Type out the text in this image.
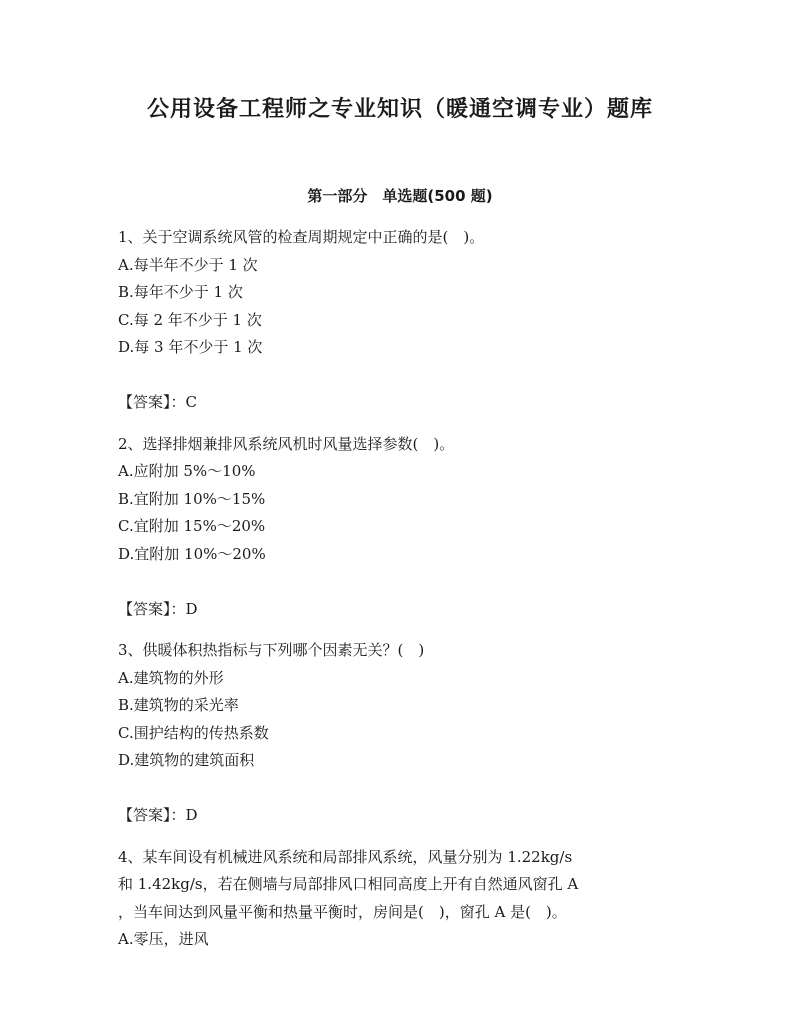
公用设备工程师之专业知识（暖通空调专业）题库
第一部分　单选题(500 题)
1、关于空调系统风管的检查周期规定中正确的是(　)。
A.每半年不少于 1 次
B.每年不少于 1 次
C.每 2 年不少于 1 次
D.每 3 年不少于 1 次
【答案】：C
2、选择排烟兼排风系统风机时风量选择参数(　)。
A.应附加 5%～10%
B.宜附加 10%～15%
C.宜附加 15%～20%
D.宜附加 10%～20%
【答案】：D
3、供暖体积热指标与下列哪个因素无关？(　)
A.建筑物的外形
B.建筑物的采光率
C.围护结构的传热系数
D.建筑物的建筑面积
【答案】：D
4、某车间设有机械进风系统和局部排风系统，风量分别为 1.22kg/s
和 1.42kg/s，若在侧墙与局部排风口相同高度上开有自然通风窗孔 A
，当车间达到风量平衡和热量平衡时，房间是(　)，窗孔 A 是(　)。
A.零压，进风
